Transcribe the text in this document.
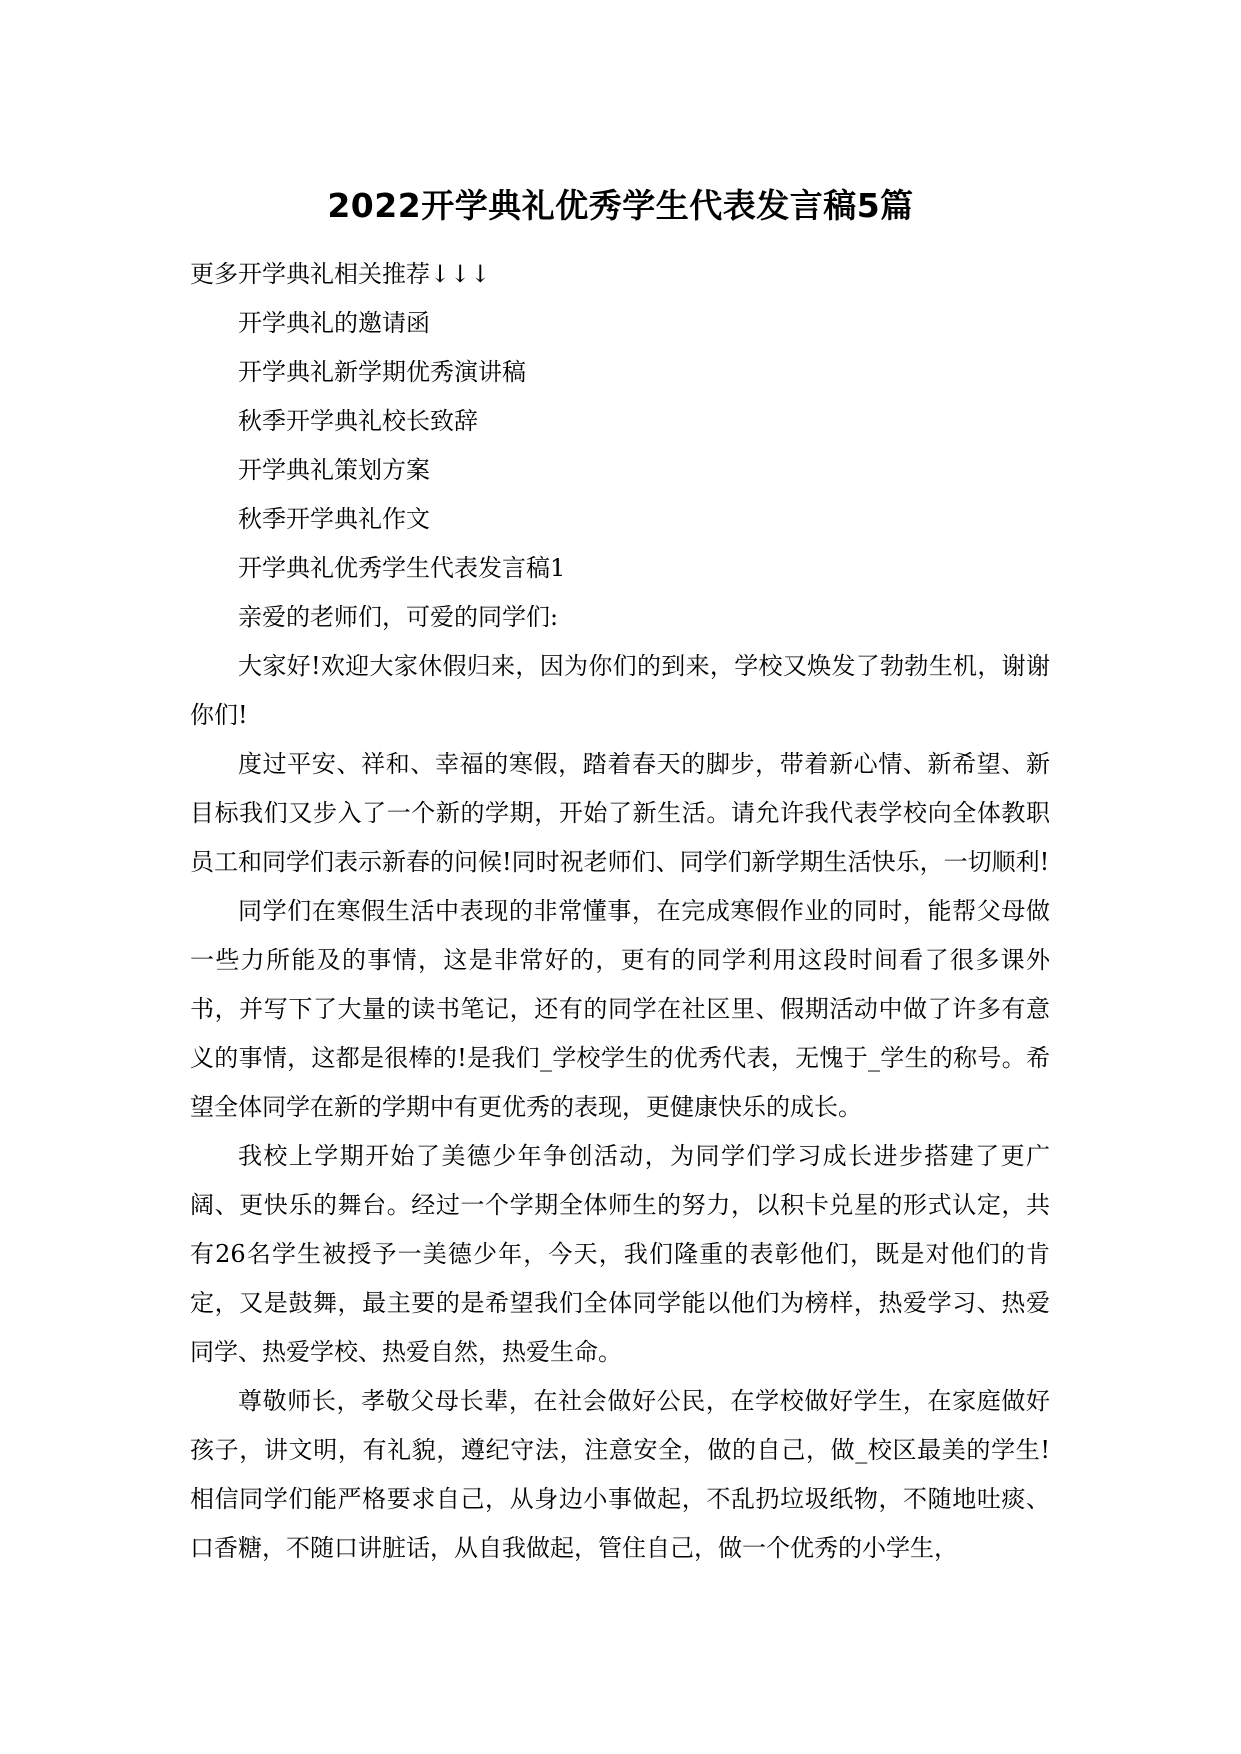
2022开学典礼优秀学生代表发言稿5篇

更多开学典礼相关推荐↓↓↓

开学典礼的邀请函
开学典礼新学期优秀演讲稿
秋季开学典礼校长致辞
开学典礼策划方案
秋季开学典礼作文

开学典礼优秀学生代表发言稿1

亲爱的老师们，可爱的同学们:

大家好!欢迎大家休假归来，因为你们的到来，学校又焕发了勃勃生机，谢谢你们!

度过平安、祥和、幸福的寒假，踏着春天的脚步，带着新心情、新希望、新目标我们又步入了一个新的学期，开始了新生活。请允许我代表学校向全体教职员工和同学们表示新春的问候!同时祝老师们、同学们新学期生活快乐，一切顺利!

同学们在寒假生活中表现的非常懂事，在完成寒假作业的同时，能帮父母做一些力所能及的事情，这是非常好的，更有的同学利用这段时间看了很多课外书，并写下了大量的读书笔记，还有的同学在社区里、假期活动中做了许多有意义的事情，这都是很棒的!是我们_学校学生的优秀代表，无愧于_学生的称号。希望全体同学在新的学期中有更优秀的表现，更健康快乐的成长。

我校上学期开始了美德少年争创活动，为同学们学习成长进步搭建了更广阔、更快乐的舞台。经过一个学期全体师生的努力，以积卡兑星的形式认定，共有26名学生被授予一美德少年，今天，我们隆重的表彰他们，既是对他们的肯定，又是鼓舞，最主要的是希望我们全体同学能以他们为榜样，热爱学习、热爱同学、热爱学校、热爱自然，热爱生命。

尊敬师长，孝敬父母长辈，在社会做好公民，在学校做好学生，在家庭做好孩子，讲文明，有礼貌，遵纪守法，注意安全，做的自己，做_校区最美的学生!相信同学们能严格要求自己，从身边小事做起，不乱扔垃圾纸物，不随地吐痰、口香糖，不随口讲脏话，从自我做起，管住自己，做一个优秀的小学生，
